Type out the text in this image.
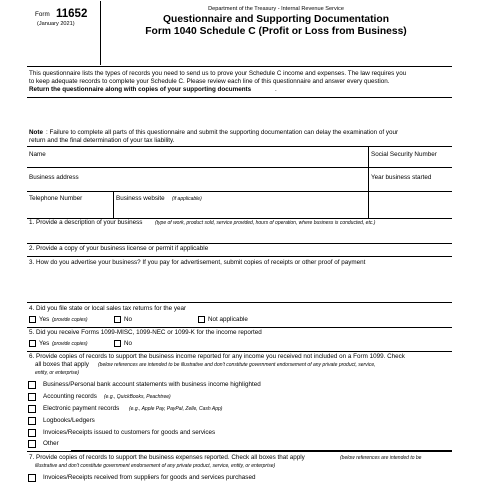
Form 11652
(January 2021)
Department of the Treasury - Internal Revenue Service
Questionnaire and Supporting Documentation
Form 1040 Schedule C (Profit or Loss from Business)
This questionnaire lists the types of records you need to send us to prove your Schedule C income and expenses. The law requires you
to keep adequate records to complete your Schedule C. Please review each line of this questionnaire and answer every question.
Return the questionnaire along with copies of your supporting documents	.
Note : Failure to complete all parts of this questionnaire and submit the supporting documentation can delay the examination of your
return and the final determination of your tax liability.
Name	Social Security Number
Business address	Year business started
Telephone Number	Business website (if applicable)
1. Provide a description of your business	(type of work, product sold, service provided, hours of operation, where business is conducted, etc.)
2. Provide a copy of your business license or permit if applicable
3. How do you advertise your business? If you pay for advertisement, submit copies of receipts or other proof of payment
4. Did you file state or local sales tax returns for the year
Yes (provide copies)	No	Not applicable
5. Did you receive Forms 1099-MISC, 1099-NEC or 1099-K for the income reported
Yes (provide copies)	No
6. Provide copies of records to support the business income reported for any income you received not included on a Form 1099. Check
all boxes that apply (below references are intended to be illustrative and don't constitute government endorsement of any private product, service,
entity, or enterprise)
Business/Personal bank account statements with business income highlighted
Accounting records (e.g., QuickBooks, Peachtree)
Electronic payment records (e.g., Apple Pay, PayPal, Zelle, Cash App)
Logbooks/Ledgers
Invoices/Receipts issued to customers for goods and services
Other
7. Provide copies of records to support the business expenses reported. Check all boxes that apply	(below references are intended to be
illustrative and don't constitute government endorsement of any private product, service, entity, or enterprise)
Invoices/Receipts received from suppliers for goods and services purchased
